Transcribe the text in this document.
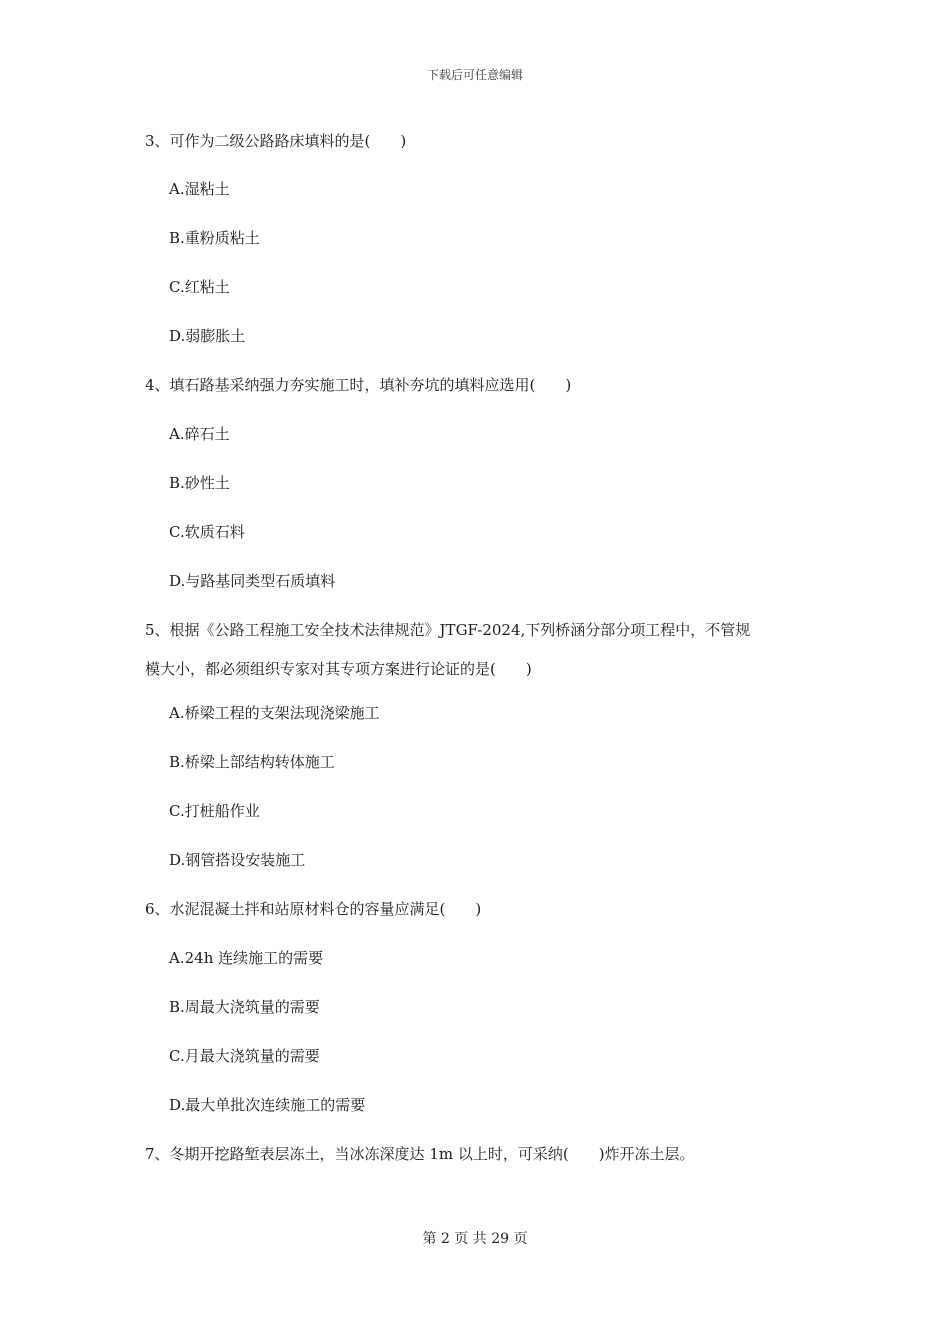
下载后可任意编辑

3、可作为二级公路路床填料的是(　　)

A.湿粘土

B.重粉质粘土

C.红粘土

D.弱膨胀土

4、填石路基采纳强力夯实施工时，填补夯坑的填料应选用(　　)

A.碎石土

B.砂性土

C.软质石料

D.与路基同类型石质填料

5、根据《公路工程施工安全技术法律规范》JTGF-2024,下列桥涵分部分项工程中，不管规

模大小，都必须组织专家对其专项方案进行论证的是(　　)

A.桥梁工程的支架法现浇梁施工

B.桥梁上部结构转体施工

C.打桩船作业

D.钢管搭设安装施工

6、水泥混凝土拌和站原材料仓的容量应满足(　　)

A.24h 连续施工的需要

B.周最大浇筑量的需要

C.月最大浇筑量的需要

D.最大单批次连续施工的需要

7、冬期开挖路堑表层冻土，当冰冻深度达 1m 以上时，可采纳(　　)炸开冻土层。

第 2 页 共 29 页
